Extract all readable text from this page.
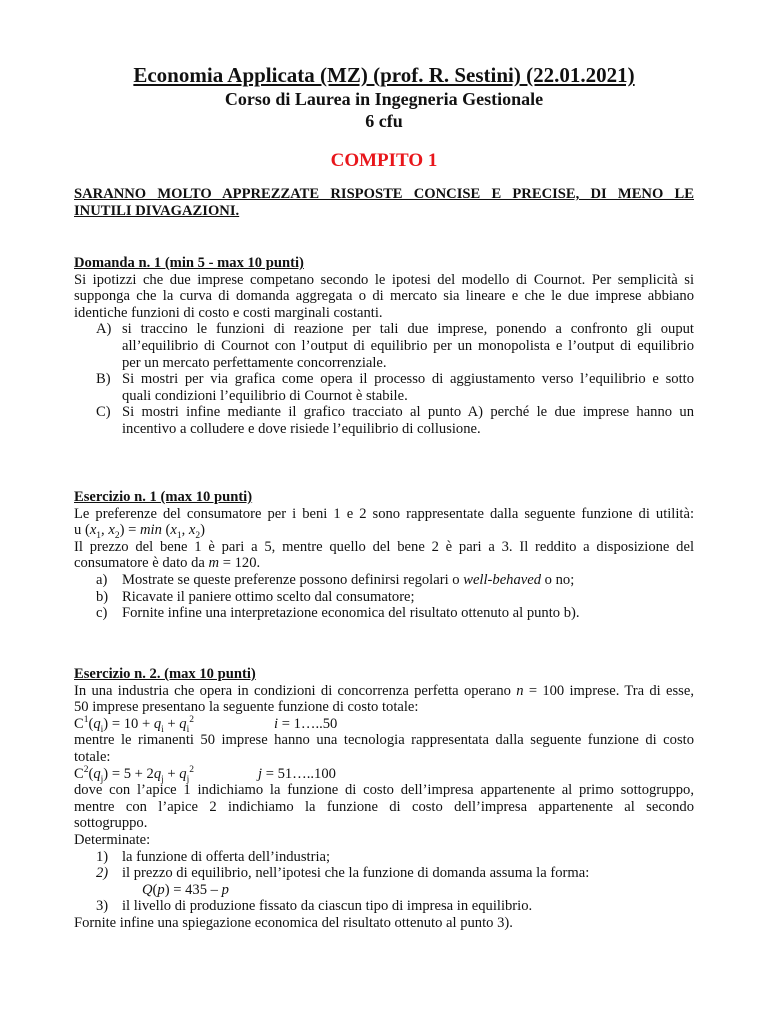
Economia Applicata (MZ) (prof. R. Sestini) (22.01.2021)
Corso di Laurea in Ingegneria Gestionale
6 cfu
COMPITO 1
SARANNO MOLTO APPREZZATE RISPOSTE CONCISE E PRECISE, DI MENO LE
INUTILI DIVAGAZIONI.
Domanda n. 1 (min 5 - max 10 punti)
Si ipotizzi che due imprese competano secondo le ipotesi del modello di Cournot. Per semplicità si
supponga che la curva di domanda aggregata o di mercato sia lineare e che le due imprese abbiano
identiche funzioni di costo e costi marginali costanti.
A) si traccino le funzioni di reazione per tali due imprese, ponendo a confronto gli ouput
all’equilibrio di Cournot con l’output di equilibrio per un monopolista e l’output di equilibrio
per un mercato perfettamente concorrenziale.
B) Si mostri per via grafica come opera il processo di aggiustamento verso l’equilibrio e sotto
quali condizioni l’equilibrio di Cournot è stabile.
C) Si mostri infine mediante il grafico tracciato al punto A) perché le due imprese hanno un
incentivo a colludere e dove risiede l’equilibrio di collusione.
Esercizio n. 1 (max 10 punti)
Le preferenze del consumatore per i beni 1 e 2 sono rappresentate dalla seguente funzione di utilità:
u ($x_1$, $x_2) = \min (x_1$, $x_2$)
Il prezzo del bene 1 è pari a 5, mentre quello del bene 2 è pari a 3. Il reddito a disposizione del
consumatore è dato da m = 120.
a) Mostrate se queste preferenze possono definirsi regolari o well-behaved o no;
b) Ricavate il paniere ottimo scelto dal consumatore;
c) Fornite infine una interpretazione economica del risultato ottenuto al punto b).
Esercizio n. 2. (max 10 punti)
In una industria che opera in condizioni di concorrenza perfetta operano n = 100 imprese. Tra di esse,
50 imprese presentano la seguente funzione di costo totale:
$C^1(q_i) = 10 + q_i + q_i^2$	i = 1…..50
mentre le rimanenti 50 imprese hanno una tecnologia rappresentata dalla seguente funzione di costo
totale:
$C^2(q_j) = 5 + 2q_j + q_j^2$	j = 51…..100
dove con l’apice 1 indichiamo la funzione di costo dell’impresa appartenente al primo sottogruppo,
mentre con l’apice 2 indichiamo la funzione di costo dell’impresa appartenente al secondo
sottogruppo.
Determinate:
1) la funzione di offerta dell’industria;
2) il prezzo di equilibrio, nell’ipotesi che la funzione di domanda assuma la forma:
Q(p) = 435 – p
3) il livello di produzione fissato da ciascun tipo di impresa in equilibrio.
Fornite infine una spiegazione economica del risultato ottenuto al punto 3).
